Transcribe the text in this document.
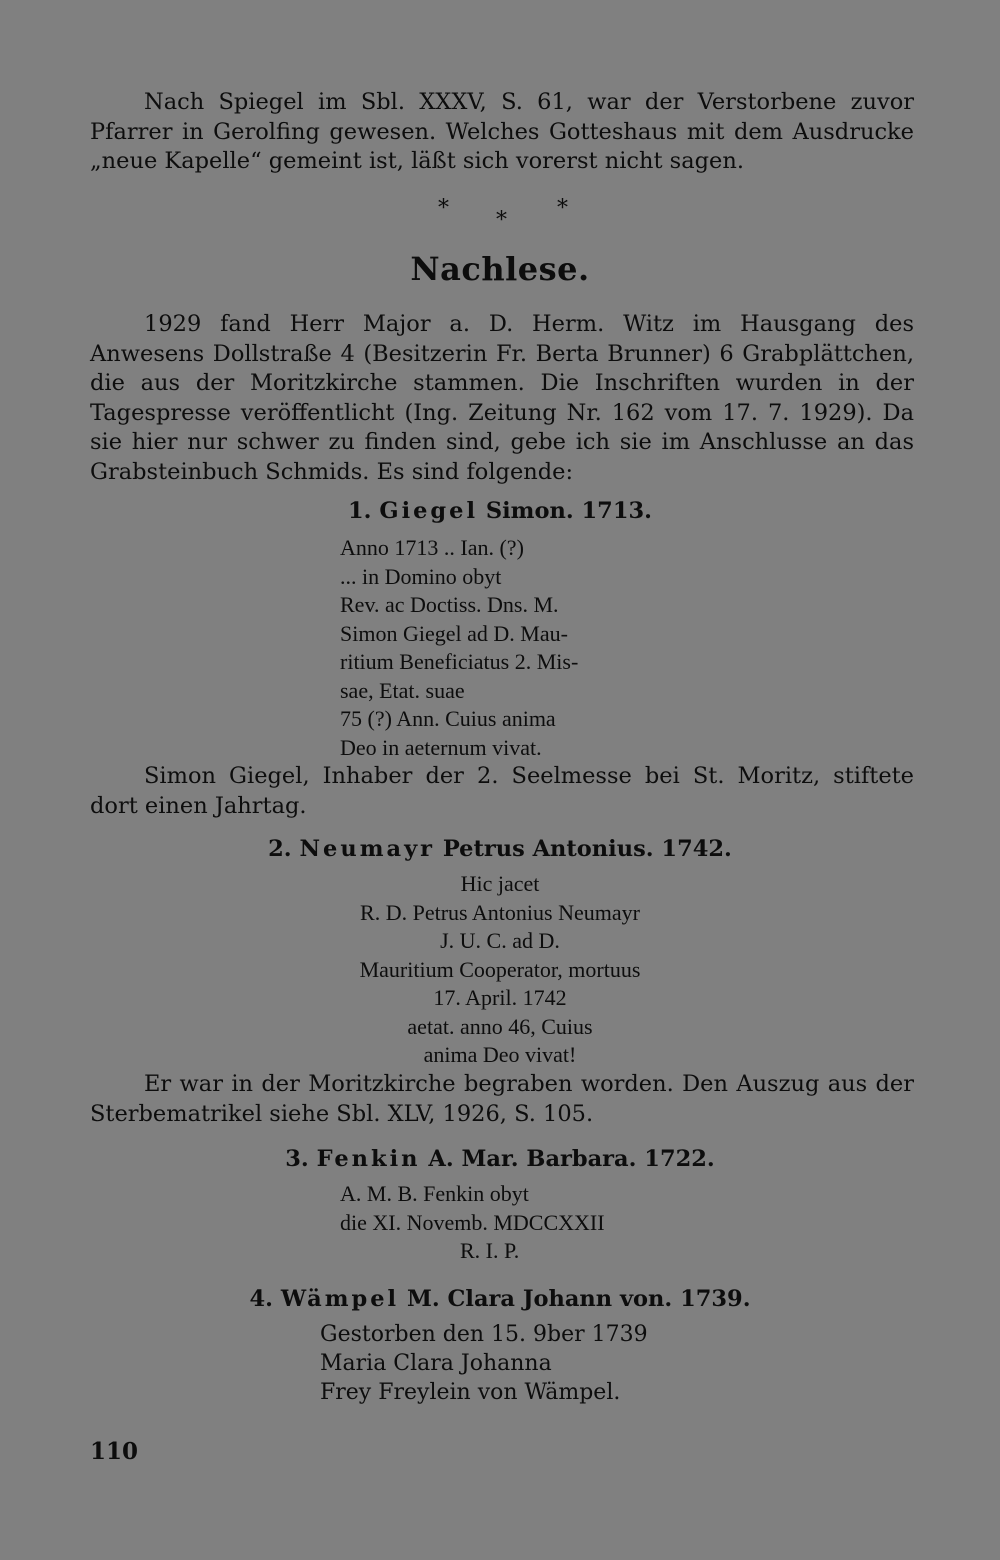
Nach Spiegel im Sbl. XXXV, S. 61, war der Verstorbene zuvor Pfarrer in Gerolfing gewesen. Welches Gotteshaus mit dem Ausdrucke „neue Kapelle“ gemeint ist, läßt sich vorerst nicht sagen.

* * *
Nachlese.

1929 fand Herr Major a. D. Herm. Witz im Hausgang des Anwesens Dollstraße 4 (Besitzerin Fr. Berta Brunner) 6 Grabplättchen, die aus der Moritzkirche stammen. Die Inschriften wurden in der Tagespresse veröffentlicht (Ing. Zeitung Nr. 162 vom 17. 7. 1929). Da sie hier nur schwer zu finden sind, gebe ich sie im Anschlusse an das Grabsteinbuch Schmids. Es sind folgende:

1. Giegel Simon. 1713.

Anno 1713 .. Ian. (?)
... in Domino obyt
Rev. ac Doctiss. Dns. M.
Simon Giegel ad D. Mau-
ritium Beneficiatus 2. Mis-
sae, Etat. suae
75 (?) Ann. Cuius anima
Deo in aeternum vivat.

Simon Giegel, Inhaber der 2. Seelmesse bei St. Moritz, stiftete dort einen Jahrtag.

2. Neumayr Petrus Antonius. 1742.

Hic jacet
R. D. Petrus Antonius Neumayr
J. U. C. ad D.
Mauritium Cooperator, mortuus
17. April. 1742
aetat. anno 46, Cuius
anima Deo vivat!

Er war in der Moritzkirche begraben worden. Den Auszug aus der Sterbematrikel siehe Sbl. XLV, 1926, S. 105.

3. Fenkin A. Mar. Barbara. 1722.

A. M. B. Fenkin obyt
die XI. Novemb. MDCCXXII
R. I. P.

4. Wämpel M. Clara Johann von. 1739.

Gestorben den 15. 9ber 1739
Maria Clara Johanna
Frey Freylein von Wämpel.
110
